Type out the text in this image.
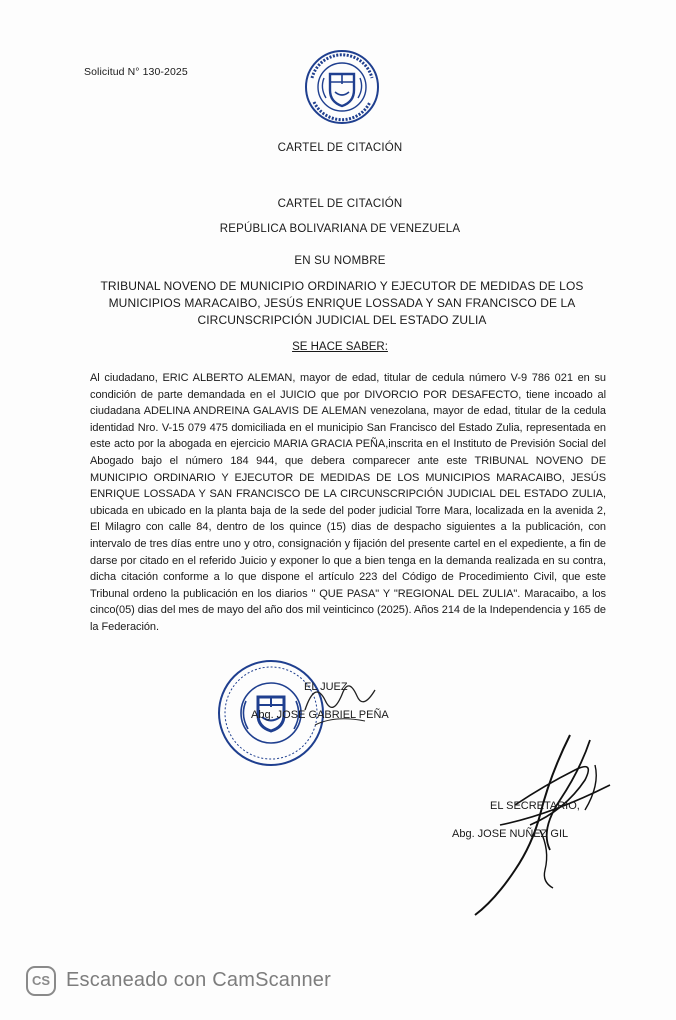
Solicitud N° 130-2025
CARTEL DE CITACIÓN
CARTEL DE CITACIÓN
REPÚBLICA BOLIVARIANA DE VENEZUELA
EN SU NOMBRE
TRIBUNAL NOVENO DE MUNICIPIO ORDINARIO Y EJECUTOR DE MEDIDAS DE LOS MUNICIPIOS MARACAIBO, JESÚS ENRIQUE LOSSADA Y SAN FRANCISCO DE LA CIRCUNSCRIPCIÓN JUDICIAL DEL ESTADO ZULIA
SE HACE SABER:
Al ciudadano, ERIC ALBERTO ALEMAN, mayor de edad, titular de cedula número V-9 786 021 en su condición de parte demandada en el JUICIO que por DIVORCIO POR DESAFECTO, tiene incoado al ciudadana ADELINA ANDREINA GALAVIS DE ALEMAN venezolana, mayor de edad, titular de la cedula identidad Nro. V-15 079 475 domiciliada en el municipio San Francisco del Estado Zulia, representada en este acto por la abogada en ejercicio MARIA GRACIA PEÑA,inscrita en el Instituto de Previsión Social del Abogado bajo el número 184 944, que debera comparecer ante este TRIBUNAL NOVENO DE MUNICIPIO ORDINARIO Y EJECUTOR DE MEDIDAS DE LOS MUNICIPIOS MARACAIBO, JESÚS ENRIQUE LOSSADA Y SAN FRANCISCO DE LA CIRCUNSCRIPCIÓN JUDICIAL DEL ESTADO ZULIA, ubicada en ubicado en la planta baja de la sede del poder judicial Torre Mara, localizada en la avenida 2, El Milagro con calle 84, dentro de los quince (15) dias de despacho siguientes a la publicación, con intervalo de tres días entre uno y otro, consignación y fijación del presente cartel en el expediente, a fin de darse por citado en el referido Juicio y exponer lo que a bien tenga en la demanda realizada en su contra, dicha citación conforme a lo que dispone el artículo 223 del Código de Procedimiento Civil, que este Tribunal ordeno la publicación en los diarios " QUE PASA" Y "REGIONAL DEL ZULIA". Maracaibo, a los cinco(05) dias del mes de mayo del año dos mil veinticinco (2025). Años 214 de la Independencia y 165 de la Federación.
EL JUEZ
Abg. JOSE GABRIEL PEÑA
EL SECRETARIO,
Abg. JOSE NUÑEZ GIL
CS Escaneado con CamScanner
